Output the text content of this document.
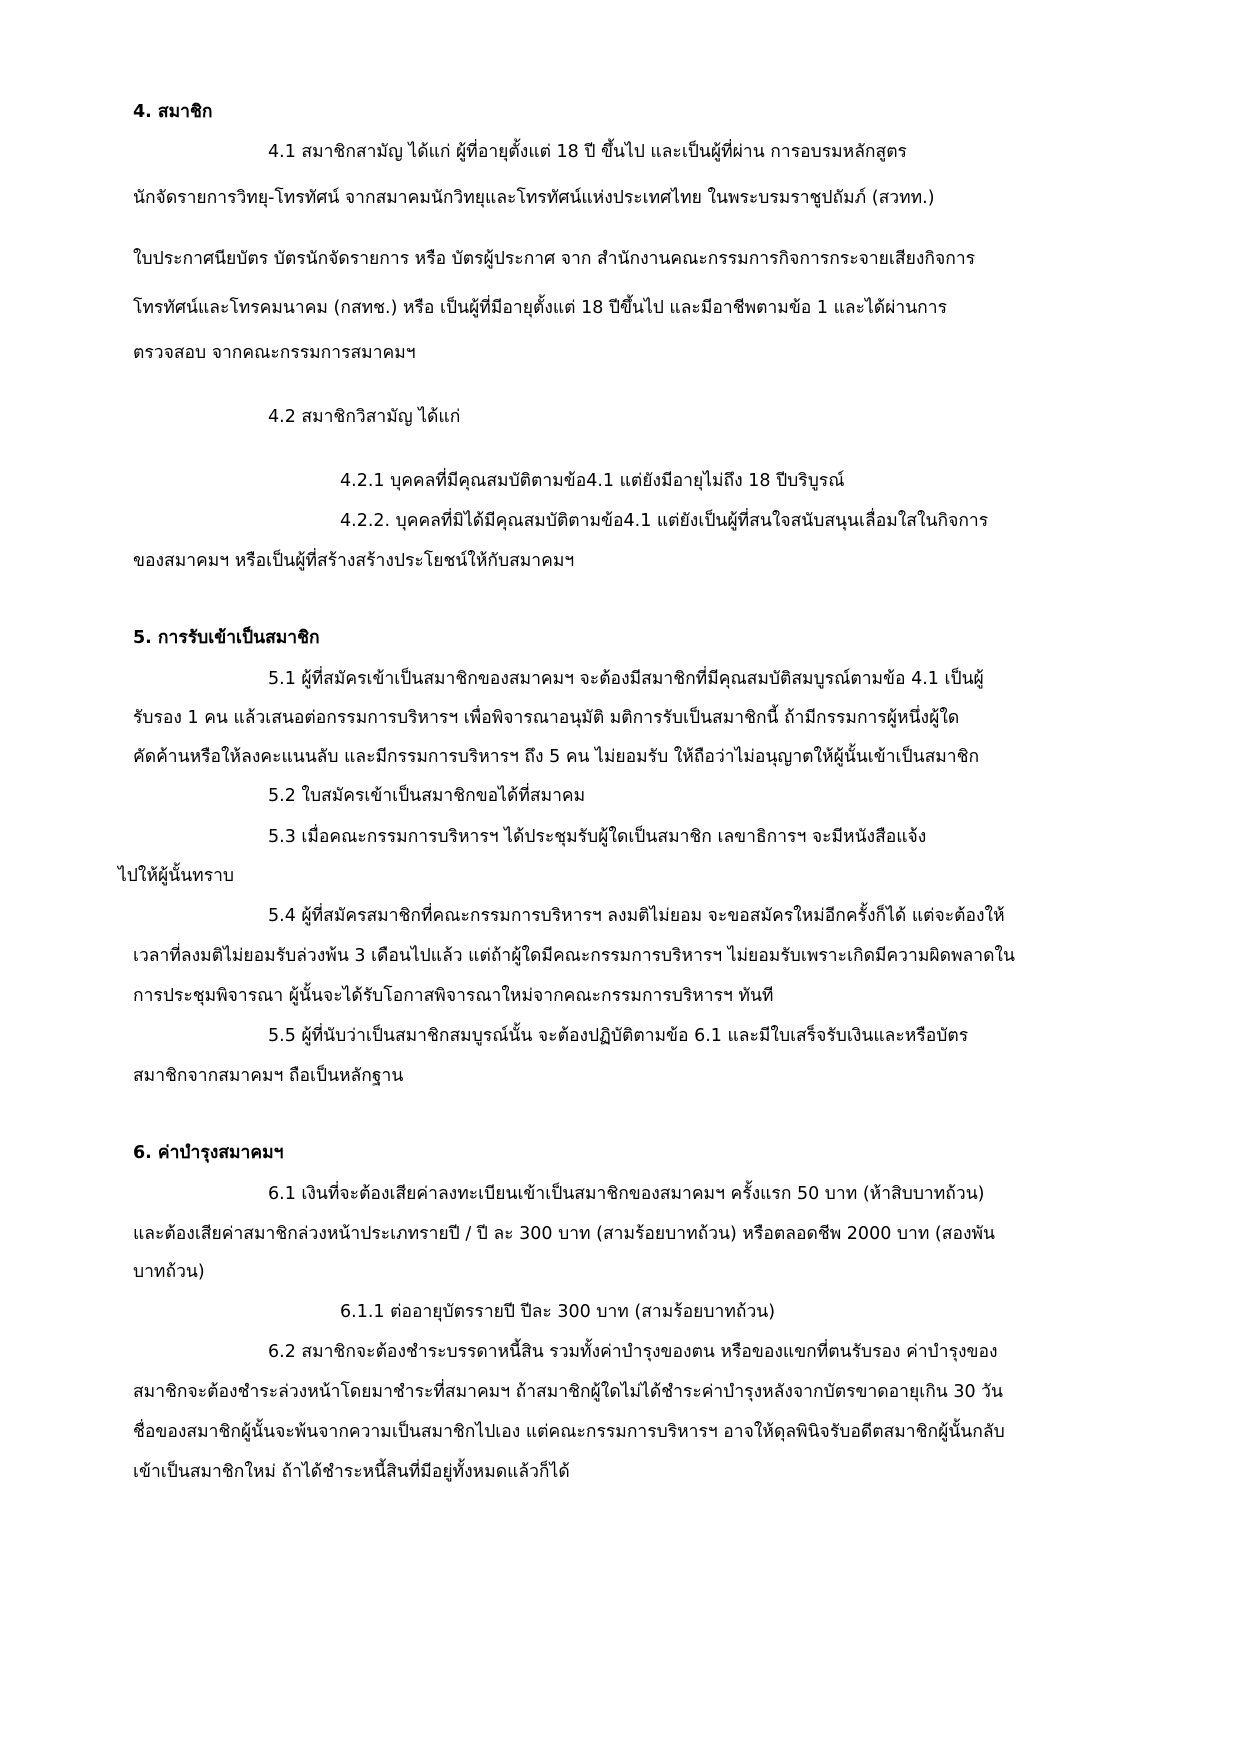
4. สมาชิก
4.1 สมาชิกสามัญ ได้แก่ ผู้ที่อายุตั้งแต่ 18 ปี ขึ้นไป และเป็นผู้ที่ผ่าน การอบรมหลักสูตร
นักจัดรายการวิทยุ-โทรทัศน์ จากสมาคมนักวิทยุและโทรทัศน์แห่งประเทศไทย ในพระบรมราชูปถัมภ์ (สวทท.)
ใบประกาศนียบัตร บัตรนักจัดรายการ หรือ บัตรผู้ประกาศ จาก สำนักงานคณะกรรมการกิจการกระจายเสียงกิจการ
โทรทัศน์และโทรคมนาคม (กสทช.) หรือ เป็นผู้ที่มีอายุตั้งแต่ 18 ปีขึ้นไป และมีอาชีพตามข้อ 1 และได้ผ่านการ
ตรวจสอบ จากคณะกรรมการสมาคมฯ
4.2 สมาชิกวิสามัญ ได้แก่
4.2.1 บุคคลที่มีคุณสมบัติตามข้อ4.1 แต่ยังมีอายุไม่ถึง 18 ปีบริบูรณ์
4.2.2. บุคคลที่มิได้มีคุณสมบัติตามข้อ4.1 แต่ยังเป็นผู้ที่สนใจสนับสนุนเลื่อมใสในกิจการ
ของสมาคมฯ หรือเป็นผู้ที่สร้างสร้างประโยชน์ให้กับสมาคมฯ
5. การรับเข้าเป็นสมาชิก
5.1 ผู้ที่สมัครเข้าเป็นสมาชิกของสมาคมฯ จะต้องมีสมาชิกที่มีคุณสมบัติสมบูรณ์ตามข้อ 4.1 เป็นผู้
รับรอง 1 คน แล้วเสนอต่อกรรมการบริหารฯ เพื่อพิจารณาอนุมัติ มติการรับเป็นสมาชิกนี้ ถ้ามีกรรมการผู้หนึ่งผู้ใด
คัดค้านหรือให้ลงคะแนนลับ และมีกรรมการบริหารฯ ถึง 5 คน ไม่ยอมรับ ให้ถือว่าไม่อนุญาตให้ผู้นั้นเข้าเป็นสมาชิก
5.2 ใบสมัครเข้าเป็นสมาชิกขอได้ที่สมาคม
5.3 เมื่อคณะกรรมการบริหารฯ ได้ประชุมรับผู้ใดเป็นสมาชิก เลขาธิการฯ จะมีหนังสือแจ้ง
ไปให้ผู้นั้นทราบ
5.4 ผู้ที่สมัครสมาชิกที่คณะกรรมการบริหารฯ ลงมติไม่ยอม จะขอสมัครใหม่อีกครั้งก็ได้ แต่จะต้องให้
เวลาที่ลงมติไม่ยอมรับล่วงพ้น 3 เดือนไปแล้ว แต่ถ้าผู้ใดมีคณะกรรมการบริหารฯ ไม่ยอมรับเพราะเกิดมีความผิดพลาดใน
การประชุมพิจารณา ผู้นั้นจะได้รับโอกาสพิจารณาใหม่จากคณะกรรมการบริหารฯ ทันที
5.5 ผู้ที่นับว่าเป็นสมาชิกสมบูรณ์นั้น จะต้องปฏิบัติตามข้อ 6.1 และมีใบเสร็จรับเงินและหรือบัตร
สมาชิกจากสมาคมฯ ถือเป็นหลักฐาน
6. ค่าบำรุงสมาคมฯ
6.1 เงินที่จะต้องเสียค่าลงทะเบียนเข้าเป็นสมาชิกของสมาคมฯ ครั้งแรก 50 บาท (ห้าสิบบาทถ้วน)
และต้องเสียค่าสมาชิกล่วงหน้าประเภทรายปี / ปี ละ 300 บาท (สามร้อยบาทถ้วน) หรือตลอดชีพ 2000 บาท (สองพัน
บาทถ้วน)
6.1.1 ต่ออายุบัตรรายปี ปีละ 300 บาท (สามร้อยบาทถ้วน)
6.2 สมาชิกจะต้องชำระบรรดาหนี้สิน รวมทั้งค่าบำรุงของตน หรือของแขกที่ตนรับรอง ค่าบำรุงของ
สมาชิกจะต้องชำระล่วงหน้าโดยมาชำระที่สมาคมฯ ถ้าสมาชิกผู้ใดไม่ได้ชำระค่าบำรุงหลังจากบัตรขาดอายุเกิน 30 วัน
ชื่อของสมาชิกผู้นั้นจะพ้นจากความเป็นสมาชิกไปเอง แต่คณะกรรมการบริหารฯ อาจให้ดุลพินิจรับอดีตสมาชิกผู้นั้นกลับ
เข้าเป็นสมาชิกใหม่ ถ้าได้ชำระหนี้สินที่มีอยู่ทั้งหมดแล้วก็ได้
